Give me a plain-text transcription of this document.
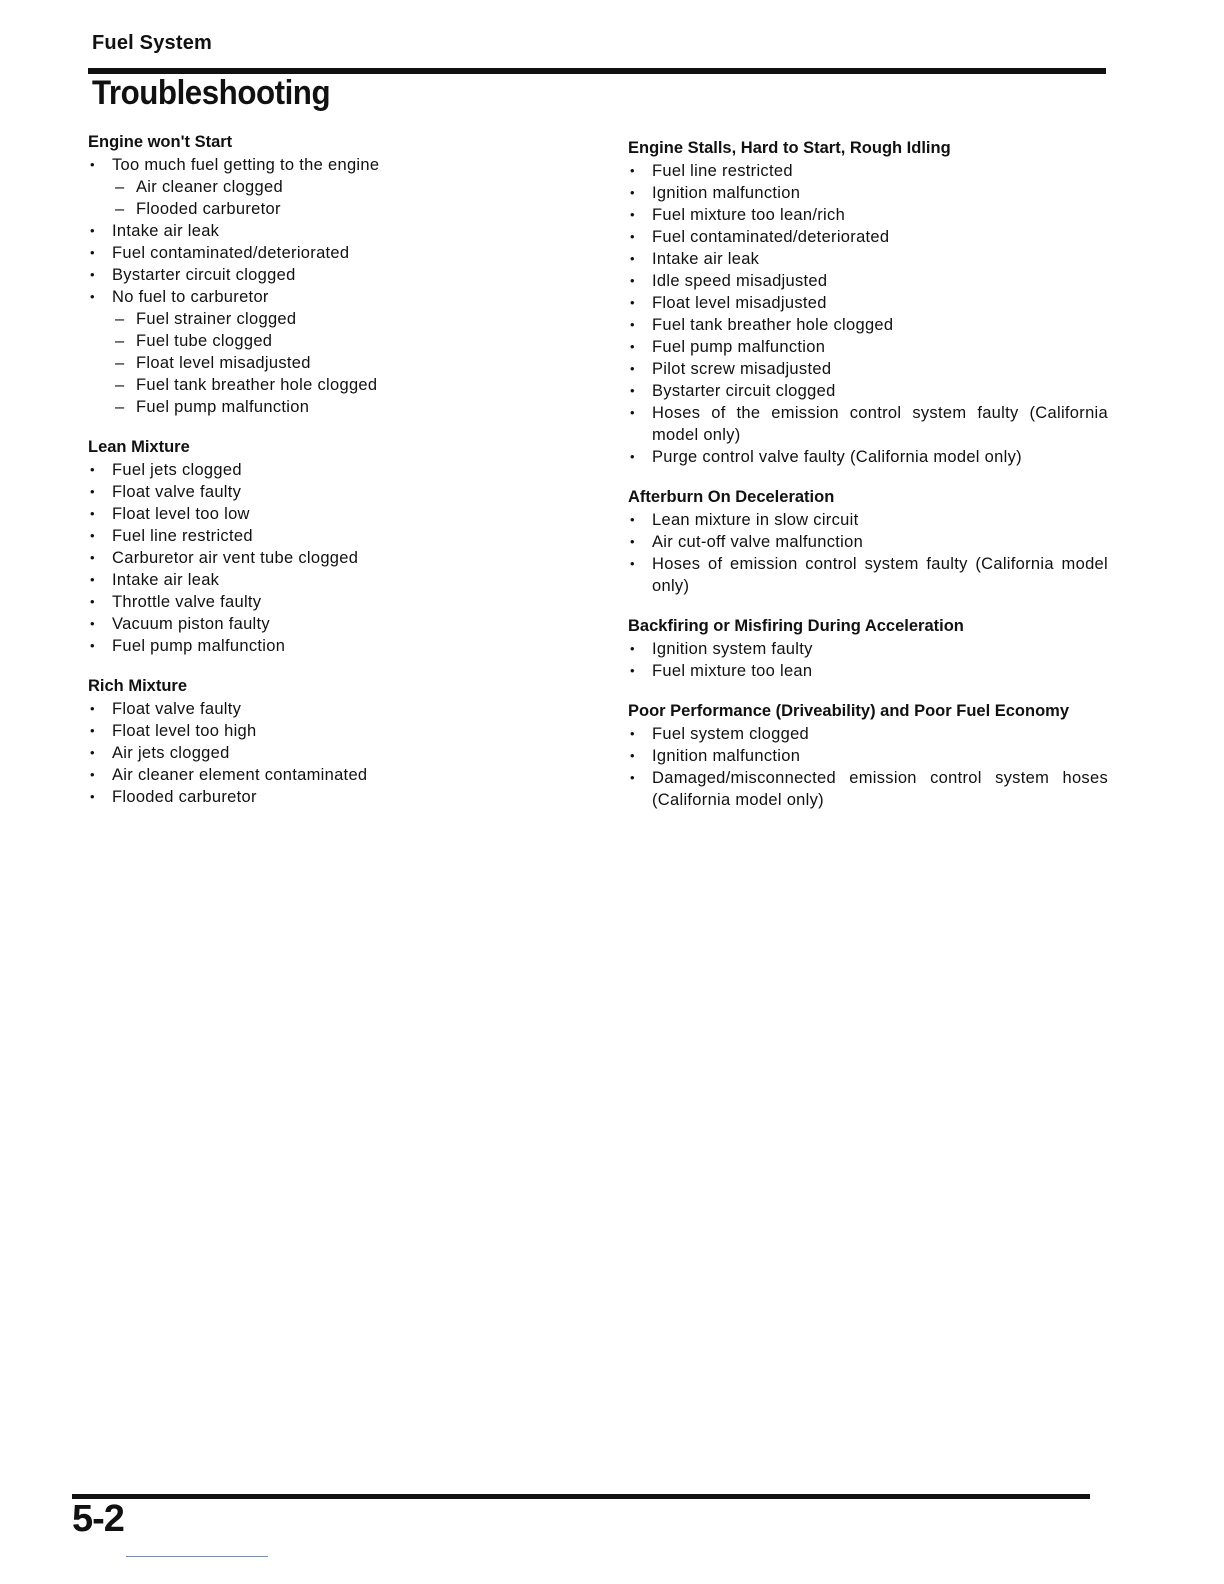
Fuel System
Troubleshooting
Engine won't Start
• Too much fuel getting to the engine
– Air cleaner clogged
– Flooded carburetor
• Intake air leak
• Fuel contaminated/deteriorated
• Bystarter circuit clogged
• No fuel to carburetor
– Fuel strainer clogged
– Fuel tube clogged
– Float level misadjusted
– Fuel tank breather hole clogged
– Fuel pump malfunction
Lean Mixture
• Fuel jets clogged
• Float valve faulty
• Float level too low
• Fuel line restricted
• Carburetor air vent tube clogged
• Intake air leak
• Throttle valve faulty
• Vacuum piston faulty
• Fuel pump malfunction
Rich Mixture
• Float valve faulty
• Float level too high
• Air jets clogged
• Air cleaner element contaminated
• Flooded carburetor
Engine Stalls, Hard to Start, Rough Idling
• Fuel line restricted
• Ignition malfunction
• Fuel mixture too lean/rich
• Fuel contaminated/deteriorated
• Intake air leak
• Idle speed misadjusted
• Float level misadjusted
• Fuel tank breather hole clogged
• Fuel pump malfunction
• Pilot screw misadjusted
• Bystarter circuit clogged
• Hoses of the emission control system faulty (California model only)
• Purge control valve faulty (California model only)
Afterburn On Deceleration
• Lean mixture in slow circuit
• Air cut-off valve malfunction
• Hoses of emission control system faulty (California model only)
Backfiring or Misfiring During Acceleration
• Ignition system faulty
• Fuel mixture too lean
Poor Performance (Driveability) and Poor Fuel Economy
• Fuel system clogged
• Ignition malfunction
• Damaged/misconnected emission control system hoses (California model only)
5-2
